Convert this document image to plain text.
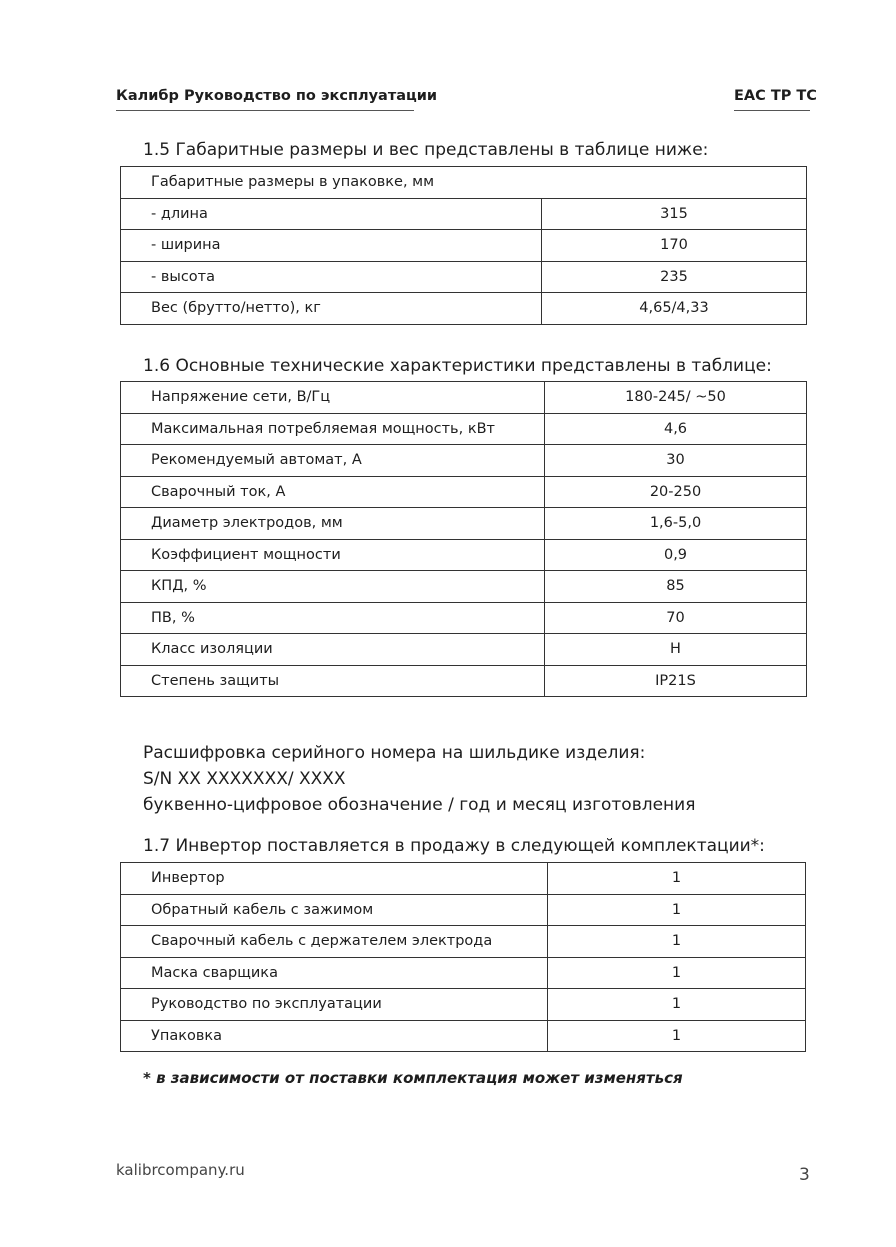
Калибр Руководство по эксплуатации	ЕАС ТР ТС
1.5 Габаритные размеры и вес представлены в таблице ниже:
Габаритные размеры в упаковке, мм	
- длина	315
- ширина	170
- высота	235
Вес (брутто/нетто), кг	4,65/4,33
1.6 Основные технические характеристики представлены в таблице:
Напряжение сети, В/Гц	180-245/ ~50
Максимальная потребляемая мощность, кВт	4,6
Рекомендуемый автомат, А	30
Сварочный ток, А	20-250
Диаметр электродов, мм	1,6-5,0
Коэффициент мощности	0,9
КПД, %	85
ПВ, %	70
Класс изоляции	H
Степень защиты	IP21S
Расшифровка серийного номера на шильдике изделия:
S/N XX XXXXXXX/ XXXX
буквенно-цифровое обозначение / год и месяц изготовления
1.7 Инвертор поставляется в продажу в следующей комплектации*:
Инвертор	1
Обратный кабель с зажимом	1
Сварочный кабель с держателем электрода	1
Маска сварщика	1
Руководство по эксплуатации	1
Упаковка	1
* в зависимости от поставки комплектация может изменяться
kalibrcompany.ru	3
